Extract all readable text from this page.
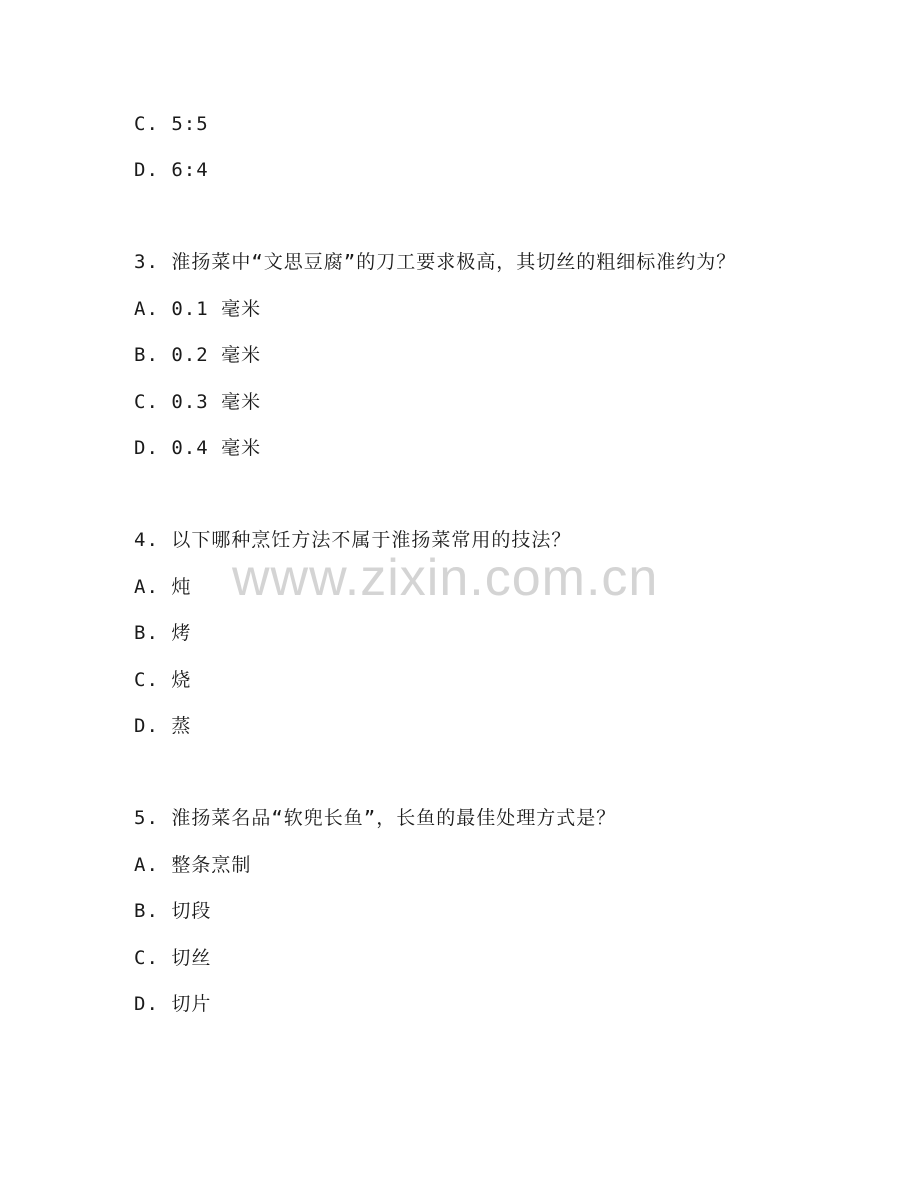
C. 5:5
D. 6:4
3. 淮扬菜中“文思豆腐”的刀工要求极高，其切丝的粗细标准约为？
A. 0.1 毫米
B. 0.2 毫米
C. 0.3 毫米
D. 0.4 毫米
4. 以下哪种烹饪方法不属于淮扬菜常用的技法？
A. 炖
B. 烤
C. 烧
D. 蒸
5. 淮扬菜名品“软兜长鱼”，长鱼的最佳处理方式是？
A. 整条烹制
B. 切段
C. 切丝
D. 切片
www.zixin.com.cn
